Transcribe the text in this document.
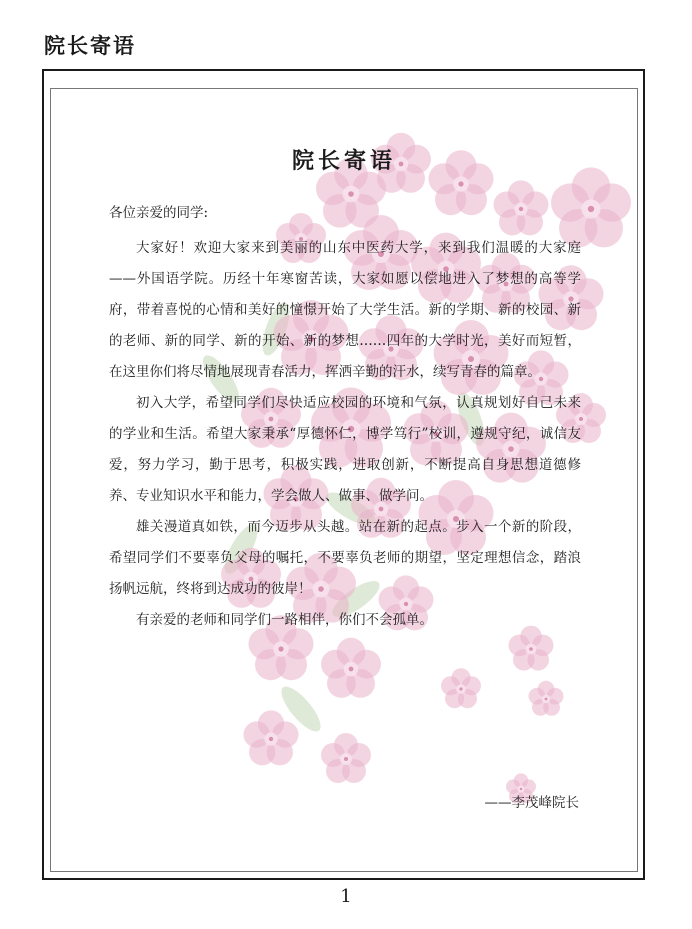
院长寄语
院长寄语
各位亲爱的同学:

大家好！欢迎大家来到美丽的山东中医药大学，来到我们温暖的大家庭——外国语学院。历经十年寒窗苦读，大家如愿以偿地进入了梦想的高等学府，带着喜悦的心情和美好的憧憬开始了大学生活。新的学期、新的校园、新的老师、新的同学、新的开始、新的梦想……四年的大学时光，美好而短暂，在这里你们将尽情地展现青春活力，挥洒辛勤的汗水，续写青春的篇章。

初入大学，希望同学们尽快适应校园的环境和气氛，认真规划好自己未来的学业和生活。希望大家秉承“厚德怀仁，博学笃行”校训，遵规守纪，诚信友爱，努力学习，勤于思考，积极实践，进取创新，不断提高自身思想道德修养、专业知识水平和能力，学会做人、做事、做学问。

雄关漫道真如铁，而今迈步从头越。站在新的起点。步入一个新的阶段，希望同学们不要辜负父母的嘱托，不要辜负老师的期望，坚定理想信念，踏浪扬帆远航，终将到达成功的彼岸！

有亲爱的老师和同学们一路相伴，你们不会孤单。

——李茂峰院长
1
